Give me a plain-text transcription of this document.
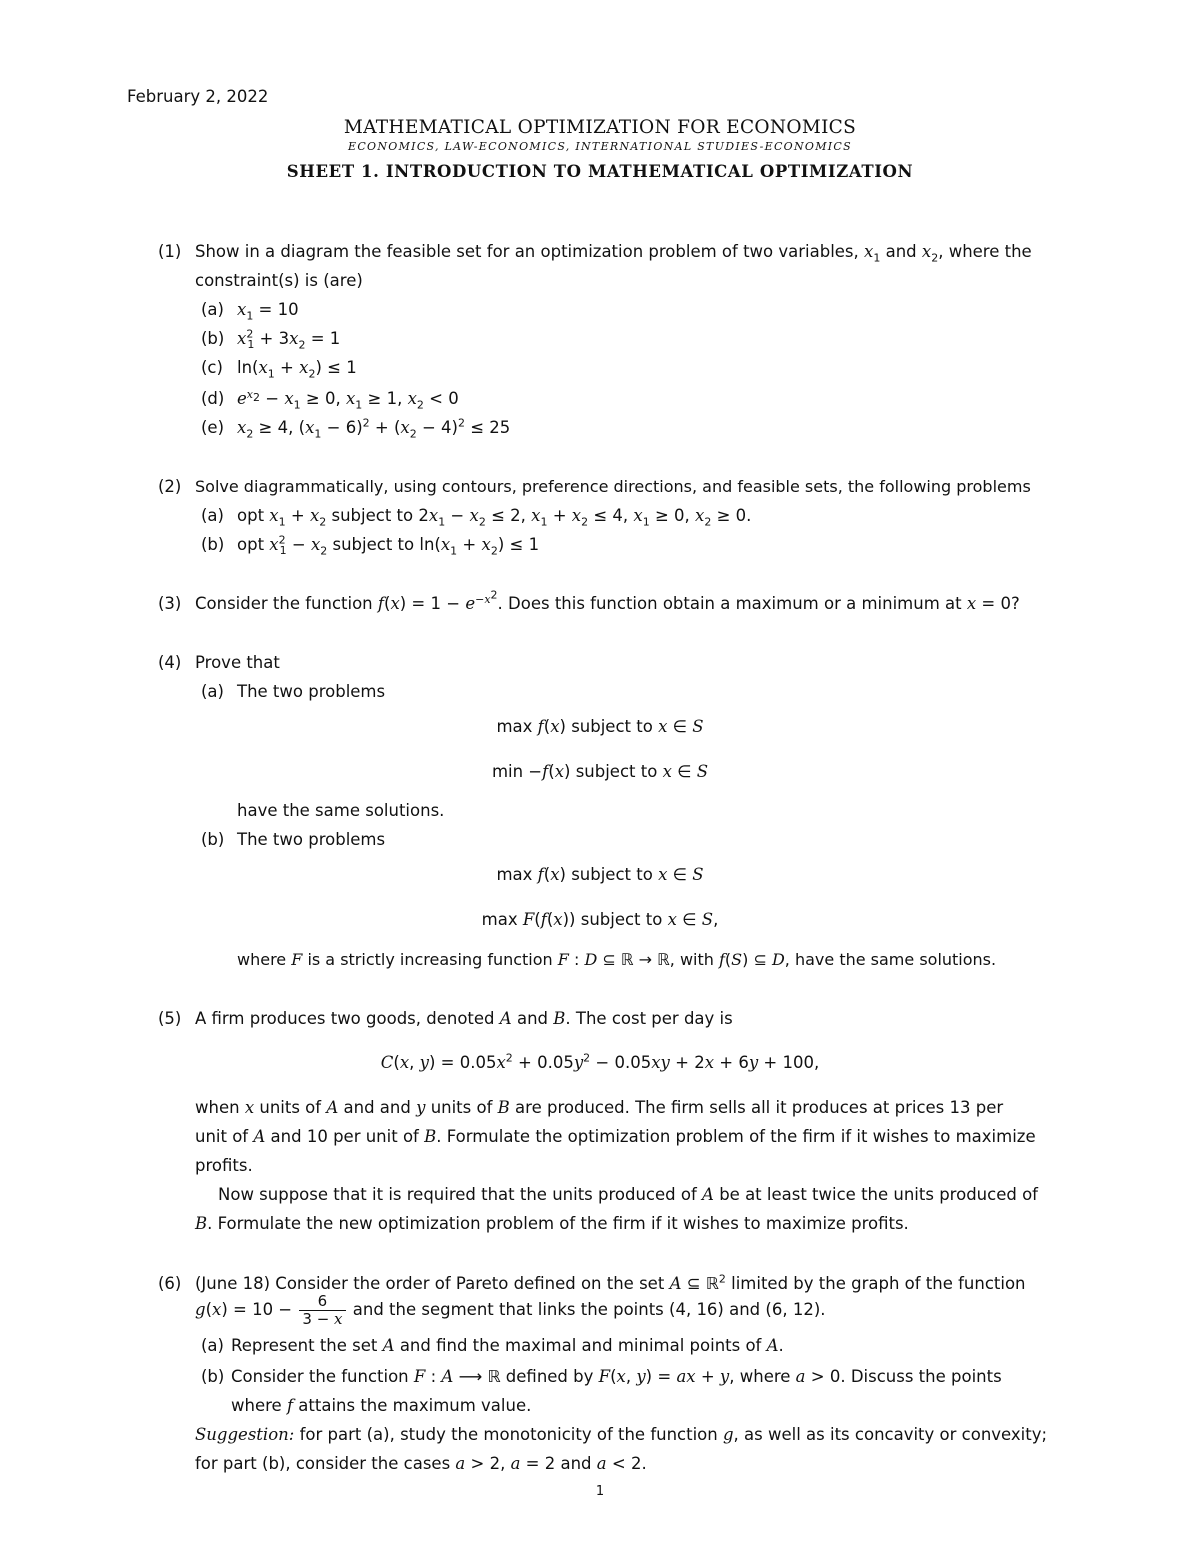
February 2, 2022
MATHEMATICAL OPTIMIZATION FOR ECONOMICS
ECONOMICS, LAW-ECONOMICS, INTERNATIONAL STUDIES-ECONOMICS
SHEET 1. INTRODUCTION TO MATHEMATICAL OPTIMIZATION
(1) Show in a diagram the feasible set for an optimization problem of two variables, $x_1$ and $x_2$, where the
constraint(s) is (are)
(a) $x_1 = 10$
(b) $x^2_1 + 3x_2 = 1$
(c) $\ln(x_1 + x_2) \le 1$
(d) $e^{x_2} - x_1 \ge 0$, $x_1 \ge 1$, $x_2 < 0$
(e) $x_2 \ge 4$, $(x_1 - 6)^2 + (x_2 - 4)^2 \le 25$
(2) Solve diagrammatically, using contours, preference directions, and feasible sets, the following problems
(a) opt $x_1 + x_2$ subject to $2x_1 - x_2 \le 2$, $x_1 + x_2 \le 4$, $x_1 \ge 0$, $x_2 \ge 0$.
(b) opt $x^2_1 - x_2$ subject to $\ln(x_1 + x_2) \le 1$
(3) Consider the function $f(x) = 1 - e^{-x^2}$. Does this function obtain a maximum or a minimum at x = 0?
(4) Prove that
(a) The two problems
max f(x) subject to x ∈ S
min −f(x) subject to x ∈ S
have the same solutions.
(b) The two problems
max f(x) subject to x ∈ S
max F(f(x)) subject to x ∈ S,
where F is a strictly increasing function F : D ⊆ ℝ → ℝ, with f(S) ⊆ D, have the same solutions.
(5) A firm produces two goods, denoted A and B. The cost per day is
C(x, $y) = 0.05x^2 + 0.05y^2 - 0.05xy + 2x + 6y + 100$,
when x units of A and and y units of B are produced. The firm sells all it produces at prices 13 per
unit of A and 10 per unit of B. Formulate the optimization problem of the firm if it wishes to maximize
profits.
Now suppose that it is required that the units produced of A be at least twice the units produced of
B. Formulate the new optimization problem of the firm if it wishes to maximize profits.
(6) (June 18) Consider the order of Pareto defined on the set A ⊆ ℝ$^2$ limited by the graph of the function
$g(x) = 10 - \frac{6}{3 - x}$ and the segment that links the points (4, 16) and (6, 12).
(a) Represent the set A and find the maximal and minimal points of A.
(b) Consider the function F : A ⟶ ℝ defined by F(x, y) = ax + y, where a > 0. Discuss the points
where f attains the maximum value.
Suggestion: for part (a), study the monotonicity of the function g, as well as its concavity or convexity;
for part (b), consider the cases a > 2, a = 2 and a < 2.
1
